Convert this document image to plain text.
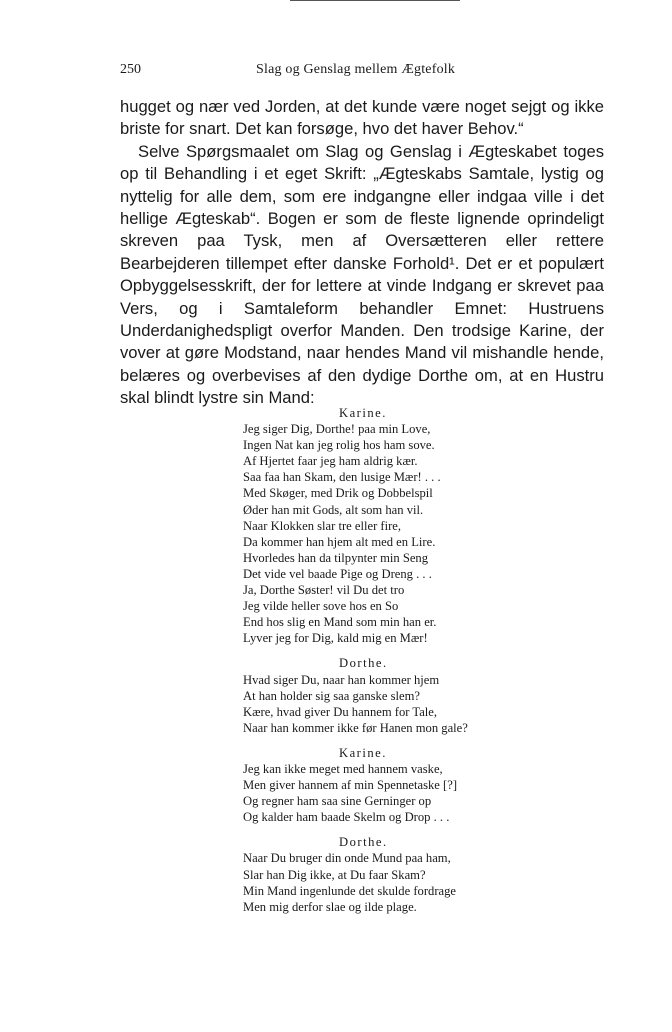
250	Slag og Genslag mellem Ægtefolk

hugget og nær ved Jorden, at det kunde være noget sejgt og ikke briste for snart. Det kan forsøge, hvo det haver Behov.“

Selve Spørgsmaalet om Slag og Genslag i Ægteskabet toges op til Behandling i et eget Skrift: „Ægteskabs Samtale, lystig og nyttelig for alle dem, som ere indgangne eller indgaa ville i det hellige Ægteskab“. Bogen er som de fleste lignende oprindeligt skreven paa Tysk, men af Oversætteren eller rettere Bearbejderen tillempet efter danske Forhold¹. Det er et populært Opbyggelsesskrift, der for lettere at vinde Indgang er skrevet paa Vers, og i Samtaleform behandler Emnet: Hustruens Underdanighedspligt overfor Manden. Den trodsige Karine, der vover at gøre Modstand, naar hendes Mand vil mishandle hende, belæres og overbevises af den dydige Dorthe om, at en Hustru skal blindt lystre sin Mand:

Karine.
Jeg siger Dig, Dorthe! paa min Love,
Ingen Nat kan jeg rolig hos ham sove.
Af Hjertet faar jeg ham aldrig kær.
Saa faa han Skam, den lusige Mær! . . .
Med Skøger, med Drik og Dobbelspil
Øder han mit Gods, alt som han vil.
Naar Klokken slar tre eller fire,
Da kommer han hjem alt med en Lire.
Hvorledes han da tilpynter min Seng
Det vide vel baade Pige og Dreng . . .
Ja, Dorthe Søster! vil Du det tro
Jeg vilde heller sove hos en So
End hos slig en Mand som min han er.
Lyver jeg for Dig, kald mig en Mær!
Dorthe.
Hvad siger Du, naar han kommer hjem
At han holder sig saa ganske slem?
Kære, hvad giver Du hannem for Tale,
Naar han kommer ikke før Hanen mon gale?
Karine.
Jeg kan ikke meget med hannem vaske,
Men giver hannem af min Spennetaske [?]
Og regner ham saa sine Gerninger op
Og kalder ham baade Skelm og Drop . . .
Dorthe.
Naar Du bruger din onde Mund paa ham,
Slar han Dig ikke, at Du faar Skam?
Min Mand ingenlunde det skulde fordrage
Men mig derfor slae og ilde plage.
